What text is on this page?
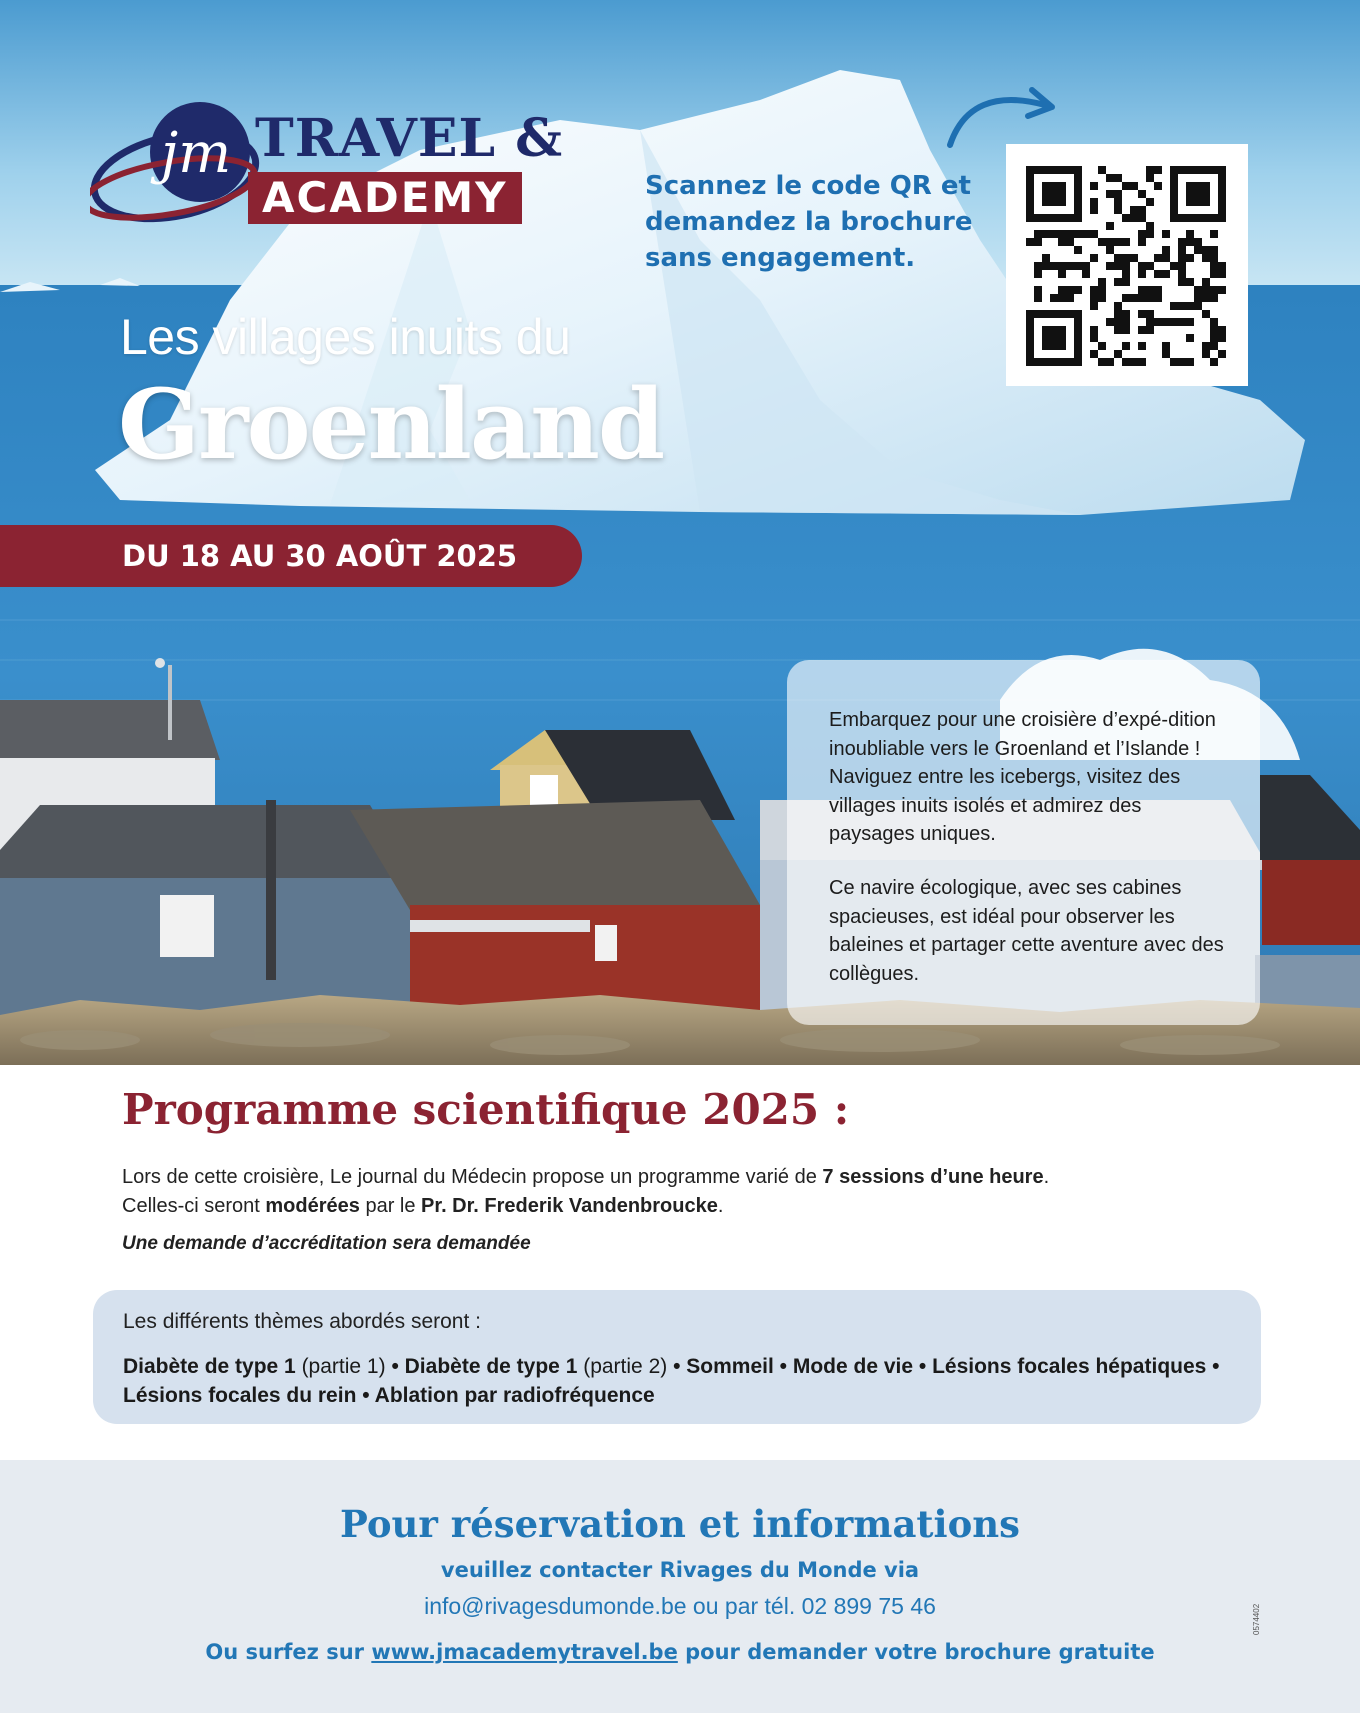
jm TRAVEL &
ACADEMY	Scannez le code QR et demandez la brochure sans engagement.
Les villages inuits du
Groenland
DU 18 AU 30 AOÛT 2025
Embarquez pour une croisière d’expé-dition inoubliable vers le Groenland et l’Islande ! Naviguez entre les icebergs, visitez des villages inuits isolés et admirez des paysages uniques.
Ce navire écologique, avec ses cabines spacieuses, est idéal pour observer les baleines et partager cette aventure avec des collègues.
Programme scientifique 2025 :
Lors de cette croisière, Le journal du Médecin propose un programme varié de 7 sessions d’une heure.
Celles-ci seront modérées par le Pr. Dr. Frederik Vandenbroucke.
Une demande d’accréditation sera demandée
Les différents thèmes abordés seront :
Diabète de type 1 (partie 1) • Diabète de type 1 (partie 2) • Sommeil • Mode de vie • Lésions focales hépatiques • Lésions focales du rein • Ablation par radiofréquence
Pour réservation et informations
veuillez contacter Rivages du Monde via
info@rivagesdumonde.be ou par tél. 02 899 75 46
Ou surfez sur www.jmacademytravel.be pour demander votre brochure gratuite
0574402
